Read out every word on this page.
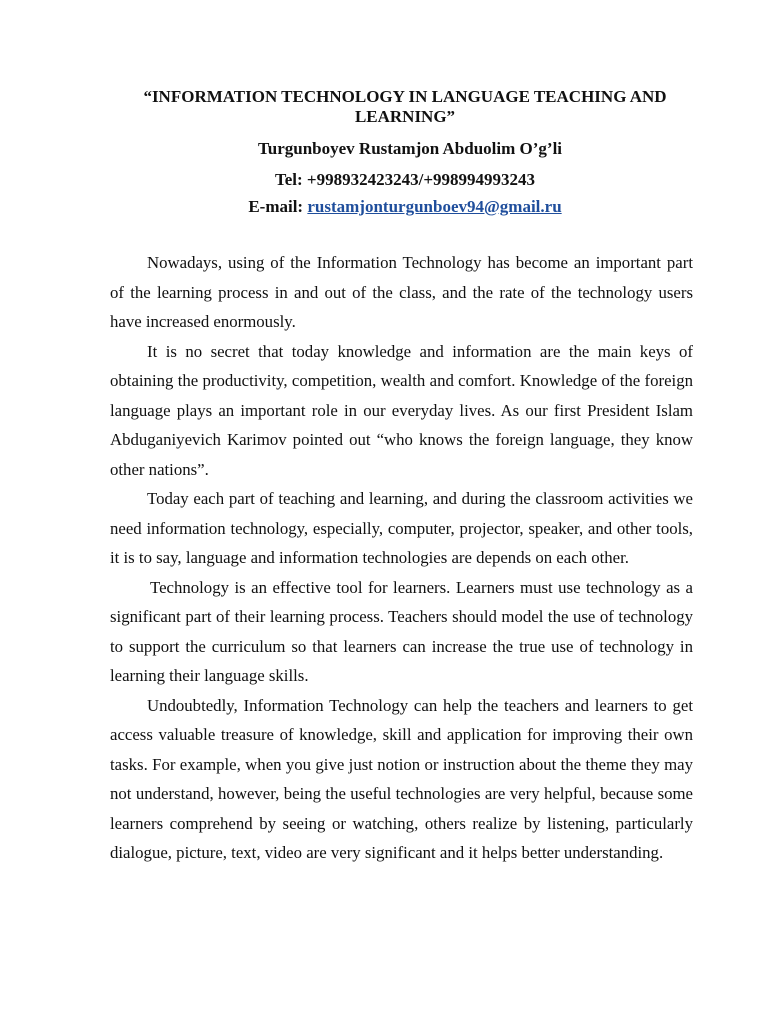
“INFORMATION TECHNOLOGY IN LANGUAGE TEACHING AND LEARNING”
Turgunboyev Rustamjon Abduolim O’g’li
Tel: +998932423243/+998994993243
E-mail: rustamjonturgunboev94@gmail.ru

Nowadays, using of the Information Technology has become an important part of the learning process in and out of the class, and the rate of the technology users have increased enormously.

It is no secret that today knowledge and information are the main keys of obtaining the productivity, competition, wealth and comfort. Knowledge of the foreign language plays an important role in our everyday lives. As our first President Islam Abduganiyevich Karimov pointed out “who knows the foreign language, they know other nations”.

Today each part of teaching and learning, and during the classroom activities we need information technology, especially, computer, projector, speaker, and other tools, it is to say, language and information technologies are depends on each other.

Technology is an effective tool for learners. Learners must use technology as a significant part of their learning process. Teachers should model the use of technology to support the curriculum so that learners can increase the true use of technology in learning their language skills.

Undoubtedly, Information Technology can help the teachers and learners to get access valuable treasure of knowledge, skill and application for improving their own tasks. For example, when you give just notion or instruction about the theme they may not understand, however, being the useful technologies are very helpful, because some learners comprehend by seeing or watching, others realize by listening, particularly dialogue, picture, text, video are very significant and it helps better understanding.
